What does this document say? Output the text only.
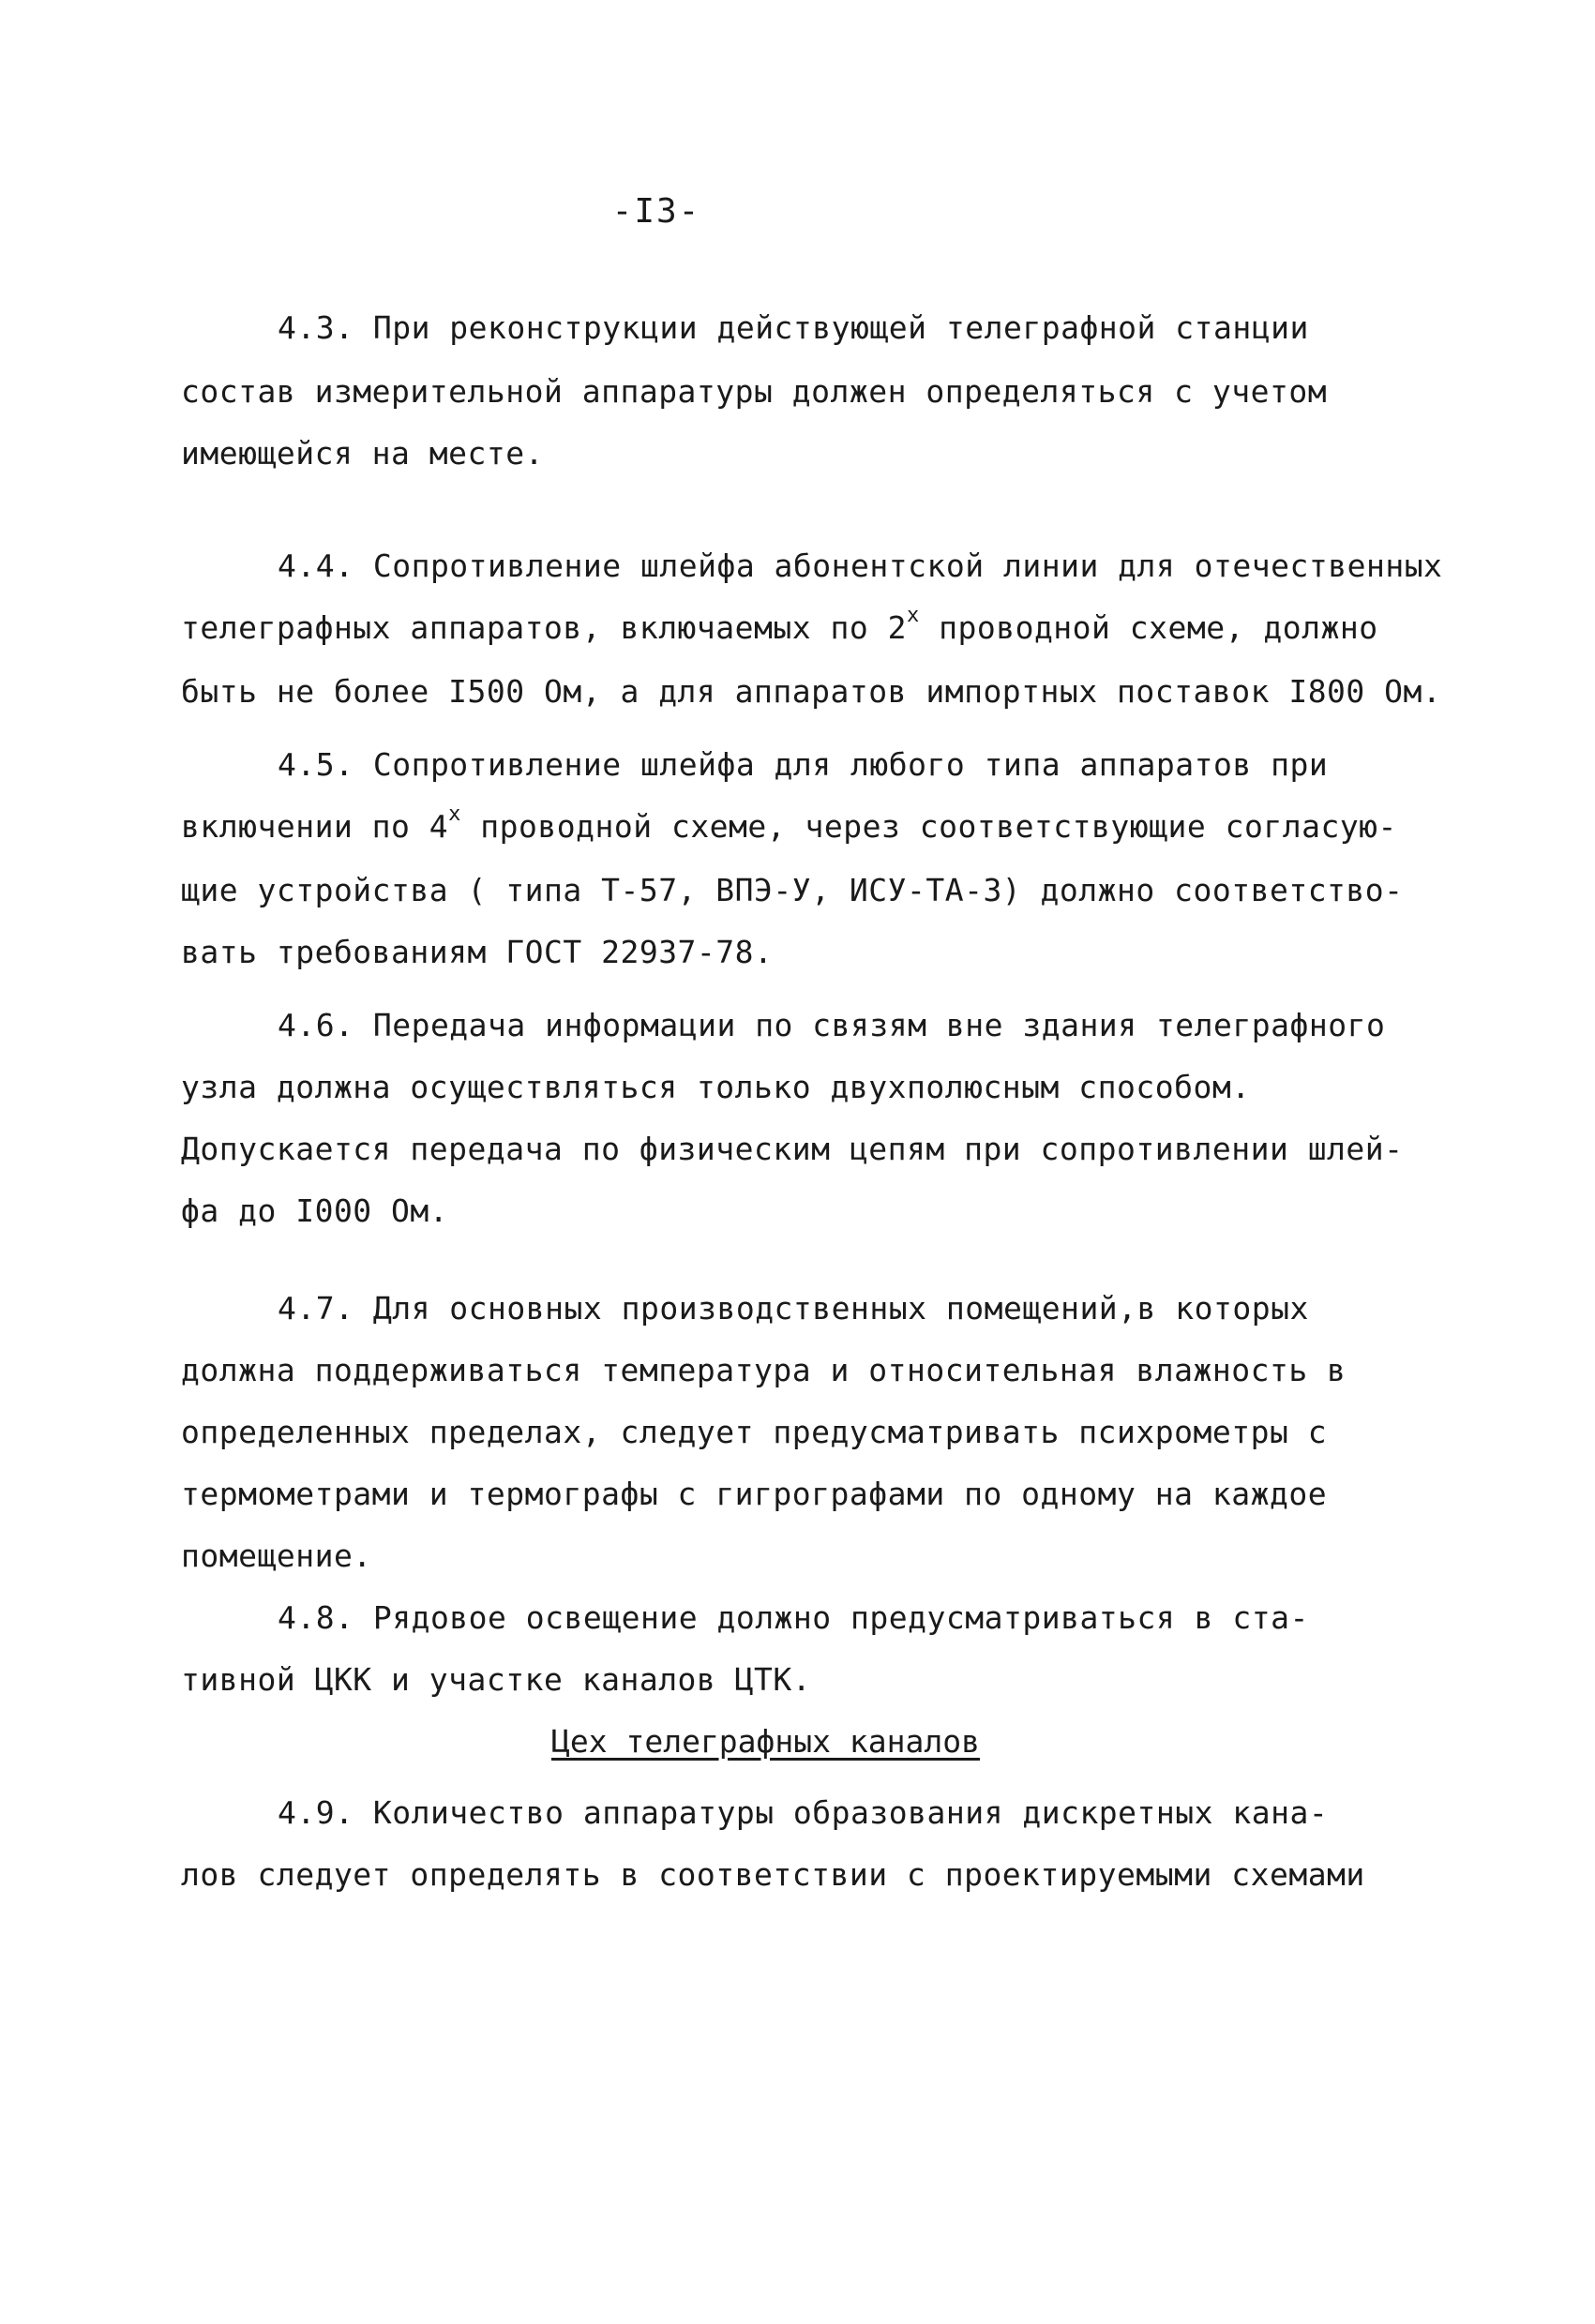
-I3-
4.3. При реконструкции действующей телеграфной станции
состав измерительной аппаратуры должен определяться с учетом
имеющейся на месте.
4.4. Сопротивление шлейфа абонентской линии для отечественных
телеграфных аппаратов, включаемых по 2$^x$ проводной схеме, должно
быть не более I500 Ом, а для аппаратов импортных поставок I800 Ом.
4.5. Сопротивление шлейфа для любого типа аппаратов при
включении по 4$^x$ проводной схеме, через соответствующие согласую-
щие устройства ( типа Т-57, ВПЭ-У, ИСУ-ТА-3) должно соответство-
вать требованиям ГОСТ 22937-78.
4.6. Передача информации по связям вне здания телеграфного
узла должна осуществляться только двухполюсным способом.
Допускается передача по физическим цепям при сопротивлении шлей-
фа до I000 Ом.
4.7. Для основных производственных помещений,в которых
должна поддерживаться температура и относительная влажность в
определенных пределах, следует предусматривать психрометры с
термометрами и термографы с гигрографами по одному на каждое
помещение.
4.8. Рядовое освещение должно предусматриваться в ста-
тивной ЦКК и участке каналов ЦТК.
Цех телеграфных каналов
4.9. Количество аппаратуры образования дискретных кана-
лов следует определять в соответствии с проектируемыми схемами
